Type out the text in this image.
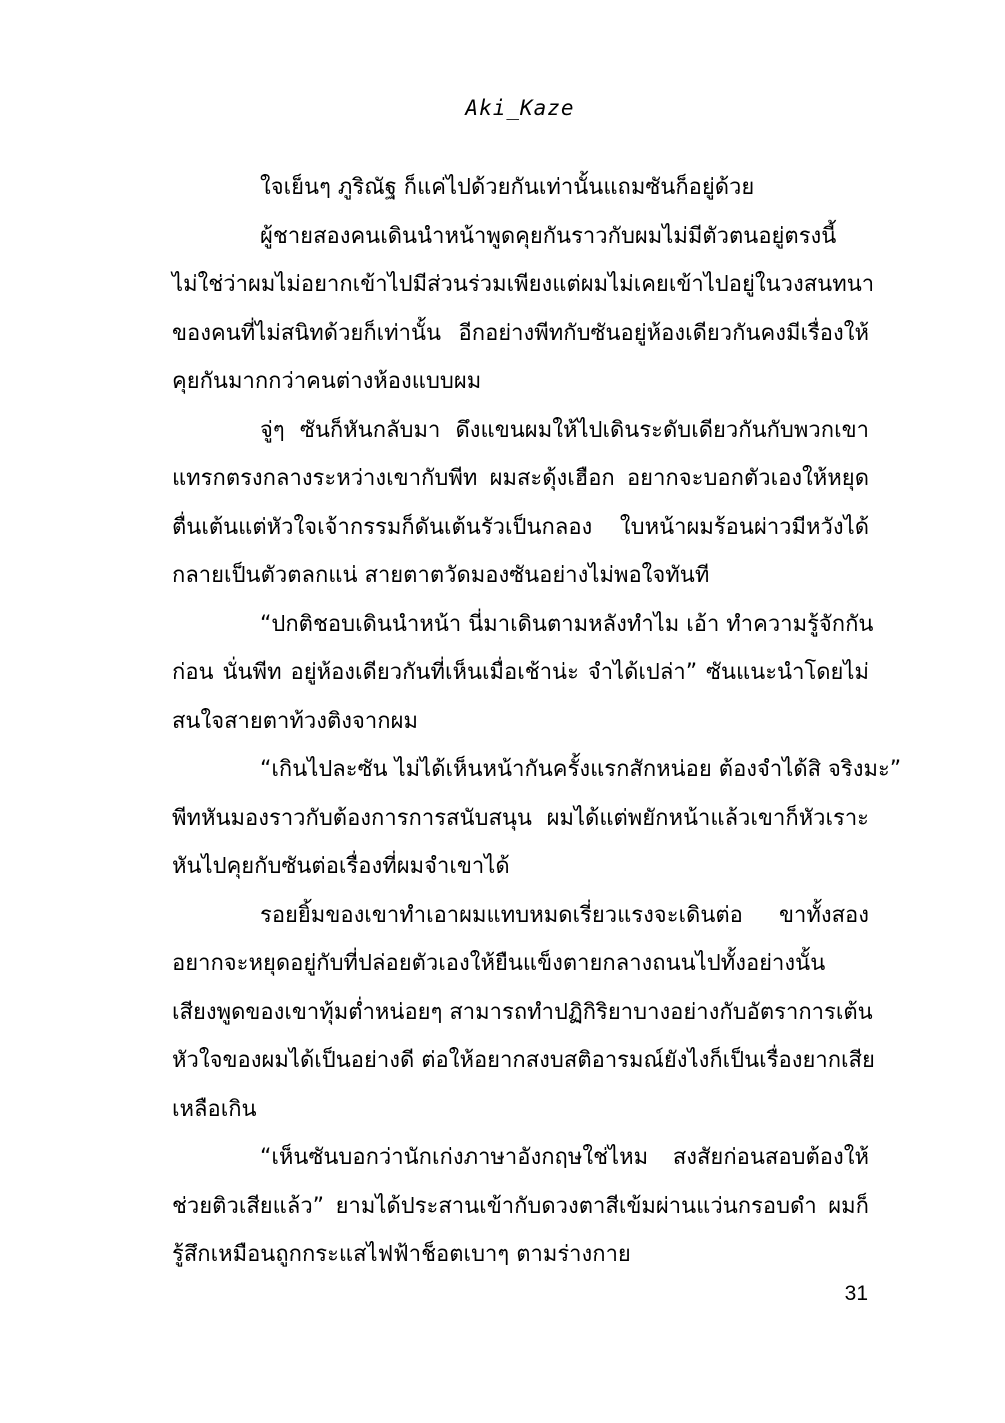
Aki_Kaze
ใจเย็นๆ ภูริณัฐ ก็แค่ไปด้วยกันเท่านั้นแถมซันก็อยู่ด้วย
ผู้ชายสองคนเดินนำหน้าพูดคุยกันราวกับผมไม่มีตัวตนอยู่ตรงนี้
ไม่ใช่ว่าผมไม่อยากเข้าไปมีส่วนร่วมเพียงแต่ผมไม่เคยเข้าไปอยู่ในวงสนทนา
ของคนที่ไม่สนิทด้วยก็เท่านั้น อีกอย่างพีทกับซันอยู่ห้องเดียวกันคงมีเรื่องให้
คุยกันมากกว่าคนต่างห้องแบบผม
จู่ๆ ซันก็หันกลับมา ดึงแขนผมให้ไปเดินระดับเดียวกันกับพวกเขา
แทรกตรงกลางระหว่างเขากับพีท ผมสะดุ้งเฮือก อยากจะบอกตัวเองให้หยุด
ตื่นเต้นแต่หัวใจเจ้ากรรมก็ดันเต้นรัวเป็นกลอง ใบหน้าผมร้อนผ่าวมีหวังได้
กลายเป็นตัวตลกแน่ สายตาตวัดมองซันอย่างไม่พอใจทันที
“ปกติชอบเดินนำหน้า นี่มาเดินตามหลังทำไม เอ้า ทำความรู้จักกัน
ก่อน นั่นพีท อยู่ห้องเดียวกันที่เห็นเมื่อเช้าน่ะ จำได้เปล่า” ซันแนะนำโดยไม่
สนใจสายตาท้วงติงจากผม
“เกินไปละซัน ไม่ได้เห็นหน้ากันครั้งแรกสักหน่อย ต้องจำได้สิ จริงมะ”
พีทหันมองราวกับต้องการการสนับสนุน ผมได้แต่พยักหน้าแล้วเขาก็หัวเราะ
หันไปคุยกับซันต่อเรื่องที่ผมจำเขาได้
รอยยิ้มของเขาทำเอาผมแทบหมดเรี่ยวแรงจะเดินต่อ ขาทั้งสอง
อยากจะหยุดอยู่กับที่ปล่อยตัวเองให้ยืนแข็งตายกลางถนนไปทั้งอย่างนั้น
เสียงพูดของเขาทุ้มต่ำหน่อยๆ สามารถทำปฏิกิริยาบางอย่างกับอัตราการเต้น
หัวใจของผมได้เป็นอย่างดี ต่อให้อยากสงบสติอารมณ์ยังไงก็เป็นเรื่องยากเสีย
เหลือเกิน
“เห็นซันบอกว่านักเก่งภาษาอังกฤษใช่ไหม สงสัยก่อนสอบต้องให้
ช่วยติวเสียแล้ว” ยามได้ประสานเข้ากับดวงตาสีเข้มผ่านแว่นกรอบดำ ผมก็
รู้สึกเหมือนถูกกระแสไฟฟ้าช็อตเบาๆ ตามร่างกาย
31
